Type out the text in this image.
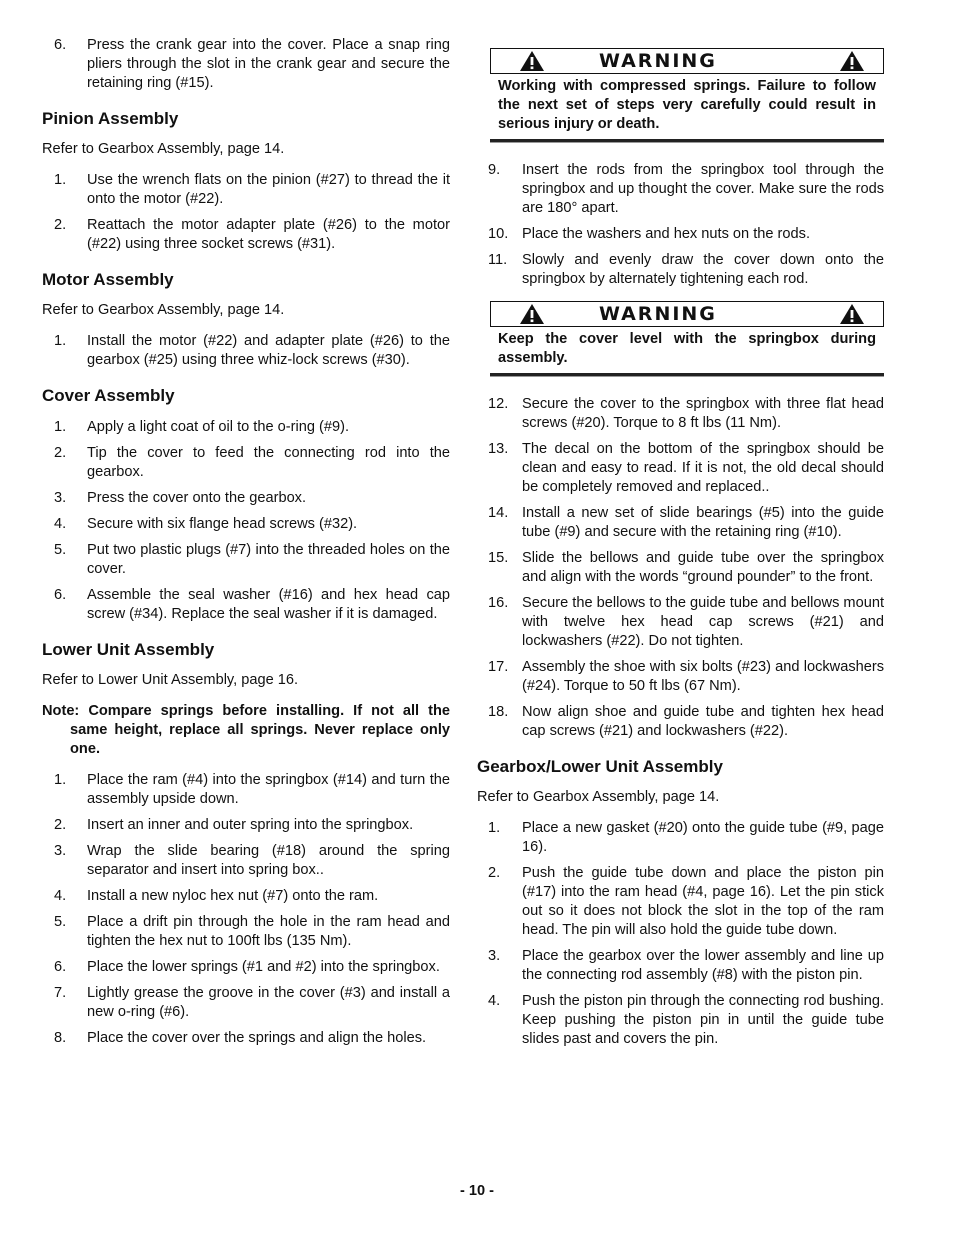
6.	Press the crank gear into the cover. Place a snap ring pliers through the slot in the crank gear and secure the retaining ring (#15).
Pinion Assembly

Refer to Gearbox Assembly, page 14.

1.	Use the wrench flats on the pinion (#27) to thread the it onto the motor (#22).
2.	Reattach the motor adapter plate (#26) to the motor (#22) using three socket screws (#31).
Motor Assembly

Refer to Gearbox Assembly, page 14.

1.	Install the motor (#22) and adapter plate (#26) to the gearbox (#25) using three whiz-lock screws (#30).
Cover Assembly
1.	Apply a light coat of oil to the o-ring (#9).
2.	Tip the cover to feed the connecting rod into the gearbox.
3.	Press the cover onto the gearbox.
4.	Secure with six flange head screws (#32).
5.	Put two plastic plugs (#7) into the threaded holes on the cover.
6.	Assemble the seal washer (#16) and hex head cap screw (#34). Replace the seal washer if it is damaged.
Lower Unit Assembly

Refer to Lower Unit Assembly, page 16.

Note: Compare springs before installing. If not all the same height, replace all springs. Never replace only one.

1.	Place the ram (#4) into the springbox (#14) and turn the assembly upside down.
2.	Insert an inner and outer spring into the springbox.
3.	Wrap the slide bearing (#18) around the spring separator and insert into spring box..
4.	Install a new nyloc hex nut (#7) onto the ram.
5.	Place a drift pin through the hole in the ram head and tighten the hex nut to 100ft lbs (135 Nm).
6.	Place the lower springs (#1 and #2) into the springbox.
7.	Lightly grease the groove in the cover (#3) and install a new o-ring (#6).
8.	Place the cover over the springs and align the holes.
WARNING
Working with compressed springs. Failure to follow the next set of steps very carefully could result in serious injury or death.
9.	Insert the rods from the springbox tool through the springbox and up thought the cover. Make sure the rods are 180° apart.
10. Place the washers and hex nuts on the rods.
11.	Slowly and evenly draw the cover down onto the springbox by alternately tightening each rod.
WARNING
Keep the cover level with the springbox during assembly.
12. Secure the cover to the springbox with three flat head screws (#20). Torque to 8 ft lbs (11 Nm).
13. The decal on the bottom of the springbox should be clean and easy to read. If it is not, the old decal should be completely removed and replaced..
14. Install a new set of slide bearings (#5) into the guide tube (#9) and secure with the retaining ring (#10).
15. Slide the bellows and guide tube over the springbox and align with the words “ground pounder” to the front.
16. Secure the bellows to the guide tube and bellows mount with twelve hex head cap screws (#21) and lockwashers (#22). Do not tighten.
17. Assembly the shoe with six bolts (#23) and lockwashers (#24). Torque to 50 ft lbs (67 Nm).
18. Now align shoe and guide tube and tighten hex head cap screws (#21) and lockwashers (#22).
Gearbox/Lower Unit Assembly

Refer to Gearbox Assembly, page 14.

1.	Place a new gasket (#20) onto the guide tube (#9, page 16).
2.	Push the guide tube down and place the piston pin (#17) into the ram head (#4, page 16). Let the pin stick out so it does not block the slot in the top of the ram head. The pin will also hold the guide tube down.
3.	Place the gearbox over the lower assembly and line up the connecting rod assembly (#8) with the piston pin.
4.	Push the piston pin through the connecting rod bushing. Keep pushing the piston pin in until the guide tube slides past and covers the pin.
- 10 -
